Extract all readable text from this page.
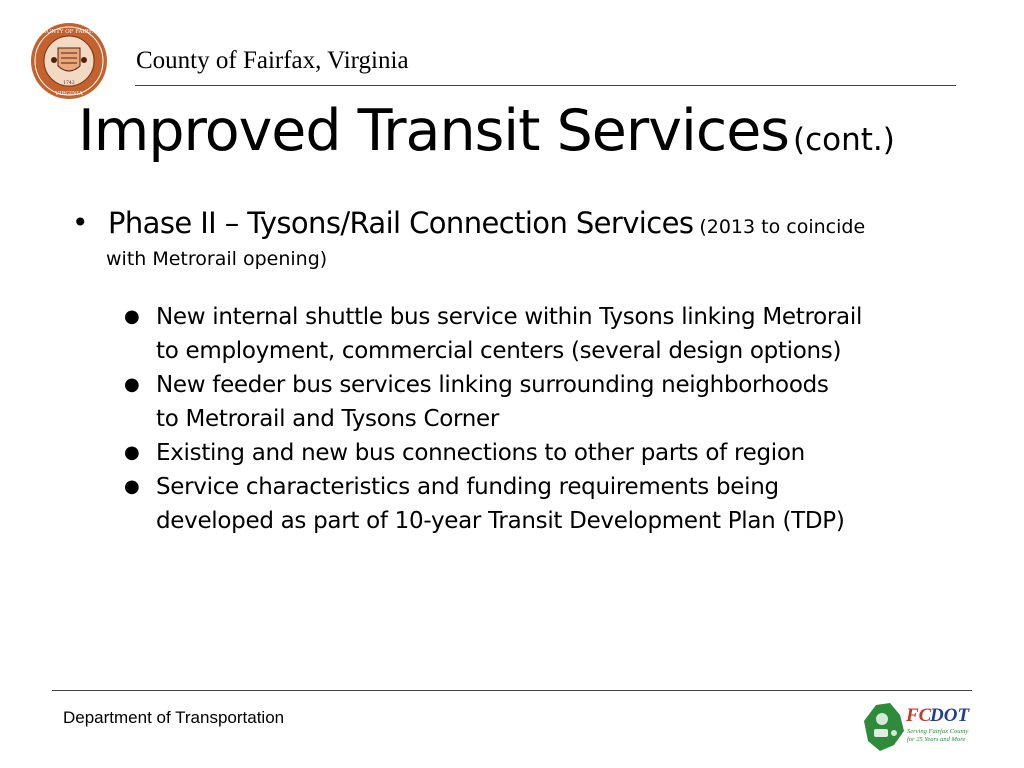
COUNTY OF FAIRFAX
VIRGINIA
1742
County of Fairfax, Virginia
Improved Transit Services (cont.)
• Phase II – Tysons/Rail Connection Services (2013 to coincide
with Metrorail opening)
● New internal shuttle bus service within Tysons linking Metrorail
to employment, commercial centers (several design options)
● New feeder bus services linking surrounding neighborhoods
to Metrorail and Tysons Corner
● Existing and new bus connections to other parts of region
● Service characteristics and funding requirements being
developed as part of 10-year Transit Development Plan (TDP)
Department of Transportation	FC
DOT
Serving Fairfax County
for 25 Years and More
